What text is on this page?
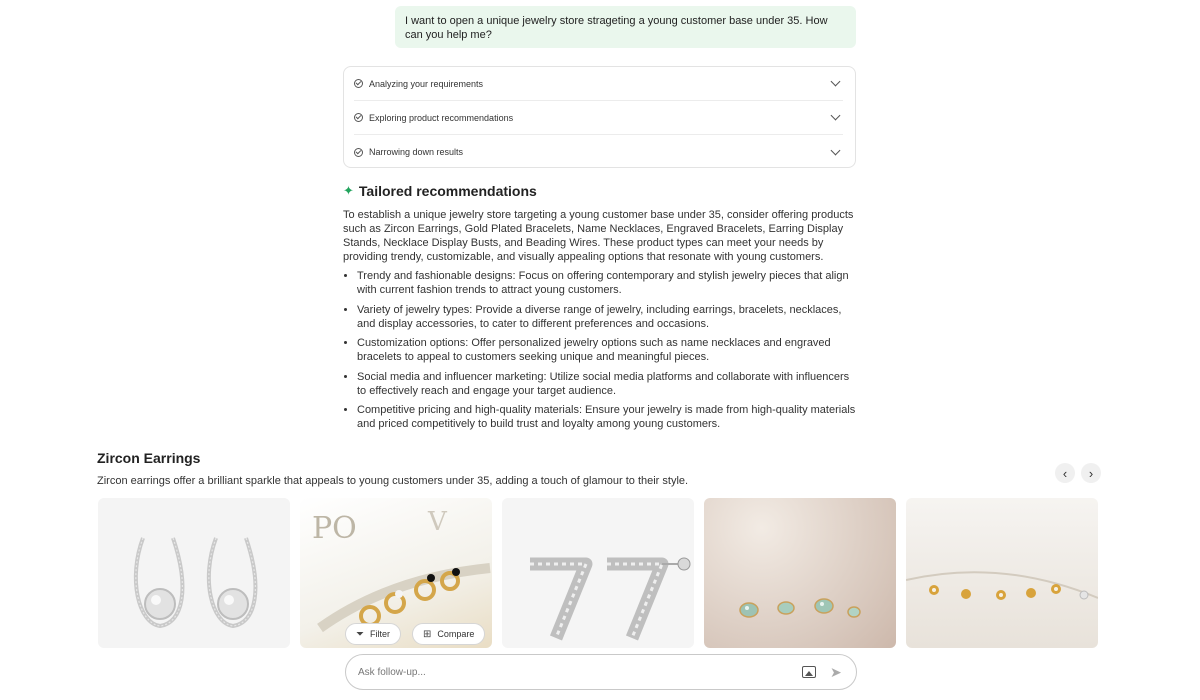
I want to open a unique jewelry store strageting a young customer base under 35. How can you help me?
Analyzing your requirements
Exploring product recommendations
Narrowing down results
✦ Tailored recommendations

To establish a unique jewelry store targeting a young customer base under 35, consider offering products such as Zircon Earrings, Gold Plated Bracelets, Name Necklaces, Engraved Bracelets, Earring Display Stands, Necklace Display Busts, and Beading Wires. These product types can meet your needs by providing trendy, customizable, and visually appealing options that resonate with young customers.

• Trendy and fashionable designs: Focus on offering contemporary and stylish jewelry pieces that align with current fashion trends to attract young customers.
• Variety of jewelry types: Provide a diverse range of jewelry, including earrings, bracelets, necklaces, and display accessories, to cater to different preferences and occasions.
• Customization options: Offer personalized jewelry options such as name necklaces and engraved bracelets to appeal to customers seeking unique and meaningful pieces.
• Social media and influencer marketing: Utilize social media platforms and collaborate with influencers to effectively reach and engage your target audience.
• Competitive pricing and high-quality materials: Ensure your jewelry is made from high-quality materials and priced competitively to build trust and loyalty among young customers.
Zircon Earrings
Zircon earrings offer a brilliant sparkle that appeals to young customers under 35, adding a touch of glamour to their style.
‹	›
PO	V
⏷ Filter	⊞ Compare
Ask follow-up...
➤
